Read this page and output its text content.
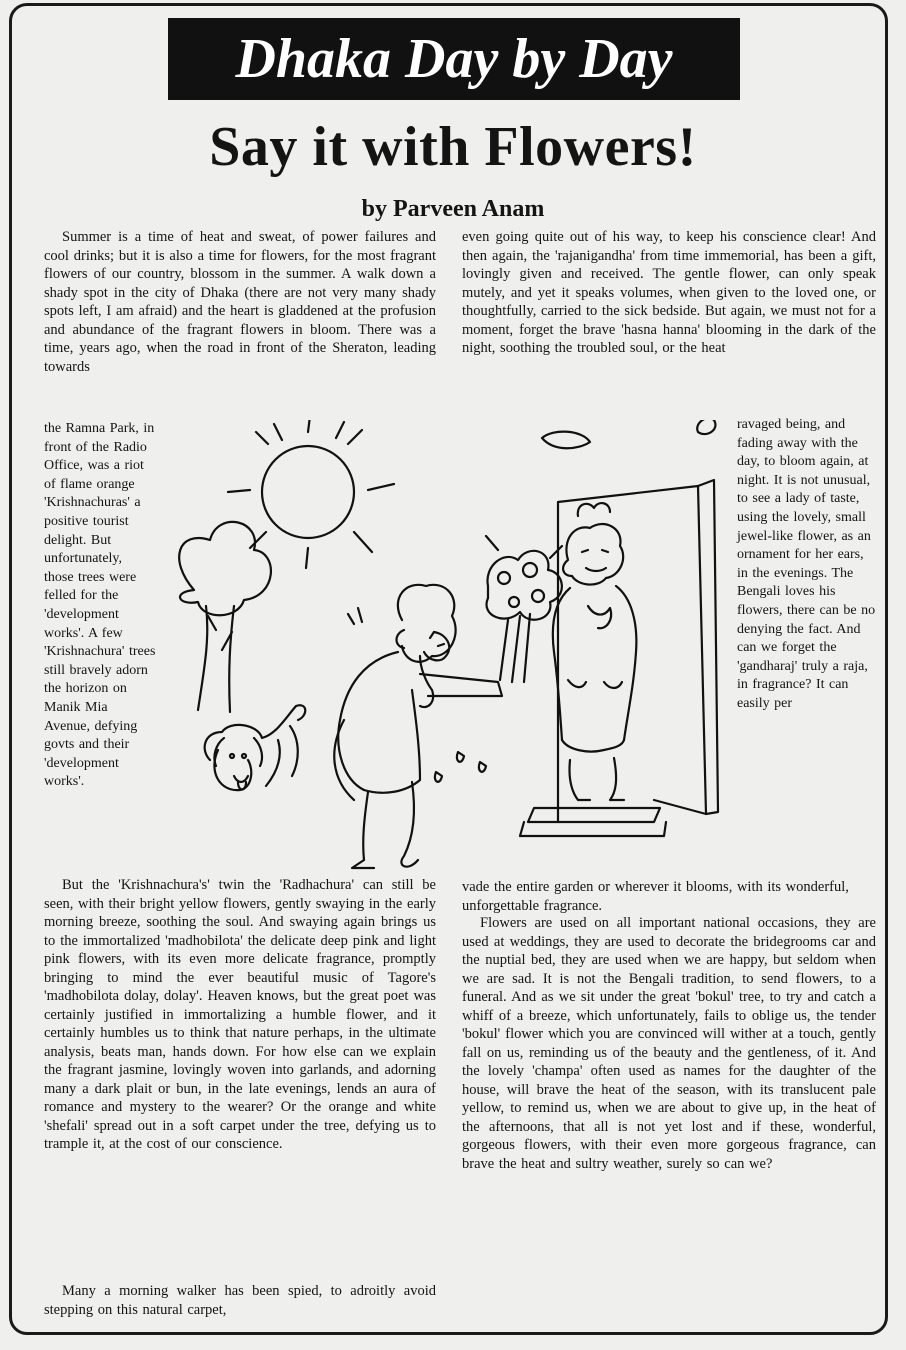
Dhaka Day by Day
Say it with Flowers!
by Parveen Anam
Summer is a time of heat and sweat, of power failures and cool drinks; but it is also a time for flowers, for the most fragrant flowers of our country, blossom in the summer. A walk down a shady spot in the city of Dhaka (there are not very many shady spots left, I am afraid) and the heart is gladdened at the profusion and abundance of the fragrant flowers in bloom. There was a time, years ago, when the road in front of the Sheraton, leading towards
the Ramna Park, in front of the Radio Office, was a riot of flame orange 'Krishnachuras' a positive tourist delight. But unfortunately, those trees were felled for the 'development works'. A few 'Krishnachura' trees still bravely adorn the horizon on Manik Mia Avenue, defying govts and their 'development works'.
But the 'Krishnachura's' twin the 'Radhachura' can still be seen, with their bright yellow flowers, gently swaying in the early morning breeze, soothing the soul. And swaying again brings us to the immortalized 'madhobilota' the delicate deep pink and light pink flowers, with its even more delicate fragrance, promptly bringing to mind the ever beautiful music of Tagore's 'madhobilota dolay, dolay'. Heaven knows, but the great poet was certainly justified in immortalizing a humble flower, and it certainly humbles us to think that nature perhaps, in the ultimate analysis, beats man, hands down. For how else can we explain the fragrant jasmine, lovingly woven into garlands, and adorning many a dark plait or bun, in the late evenings, lends an aura of romance and mystery to the wearer? Or the orange and white 'shefali' spread out in a soft carpet under the tree, defying us to trample it, at the cost of our conscience.
Many a morning walker has been spied, to adroitly avoid stepping on this natural carpet,
even going quite out of his way, to keep his conscience clear! And then again, the 'rajanigandha' from time immemorial, has been a gift, lovingly given and received. The gentle flower, can only speak mutely, and yet it speaks volumes, when given to the loved one, or thoughtfully, carried to the sick bedside. But again, we must not for a moment, forget the brave 'hasna hanna' blooming in the dark of the night, soothing the troubled soul, or the heat
ravaged being, and fading away with the day, to bloom again, at night. It is not unusual, to see a lady of taste, using the lovely, small jewel-like flower, as an ornament for her ears, in the evenings. The Bengali loves his flowers, there can be no denying the fact. And can we forget the 'gandharaj' truly a raja, in fragrance? It can easily per
vade the entire garden or wherever it blooms, with its wonderful, unforgettable fragrance.
Flowers are used on all important national occasions, they are used at weddings, they are used to decorate the bridegrooms car and the nuptial bed, they are used when we are happy, but seldom when we are sad. It is not the Bengali tradition, to send flowers, to a funeral. And as we sit under the great 'bokul' tree, to try and catch a whiff of a breeze, which unfortunately, fails to oblige us, the tender 'bokul' flower which you are convinced will wither at a touch, gently fall on us, reminding us of the beauty and the gentleness, of it. And the lovely 'champa' often used as names for the daughter of the house, will brave the heat of the season, with its translucent pale yellow, to remind us, when we are about to give up, in the heat of the afternoons, that all is not yet lost and if these, wonderful, gorgeous flowers, with their even more gorgeous fragrance, can brave the heat and sultry weather, surely so can we?
